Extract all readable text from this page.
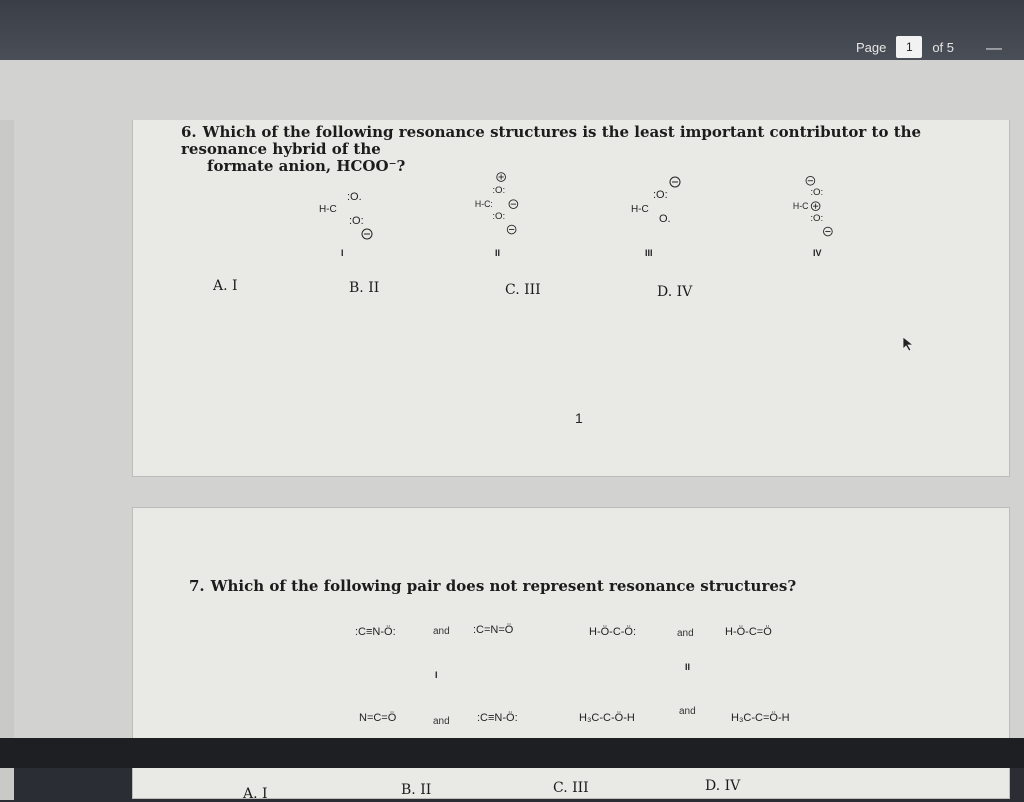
Page	1	of 5 —
6. Which of the following resonance structures is the least important contributor to the resonance hybrid of the
formate anion, HCOO⁻?
H-C
:O.
:O:
I
:O:
H-C:
:O:
II
:O:
H-C
O.
III
:O:
H-C
:O:
IV
A. I	B. II	C. III	D. IV
1
7. Which of the following pair does not represent resonance structures?
:C≡N-Ö:	and :C=N=Ö
I
H-Ö-C-Ö:	and	H-Ö-C=Ö
II
N=C=Ö	and :C≡N-Ö:	H₃C-C-Ö-H
and
H₃C-C=Ö-H
A. I	B. II	C. III	D. IV
